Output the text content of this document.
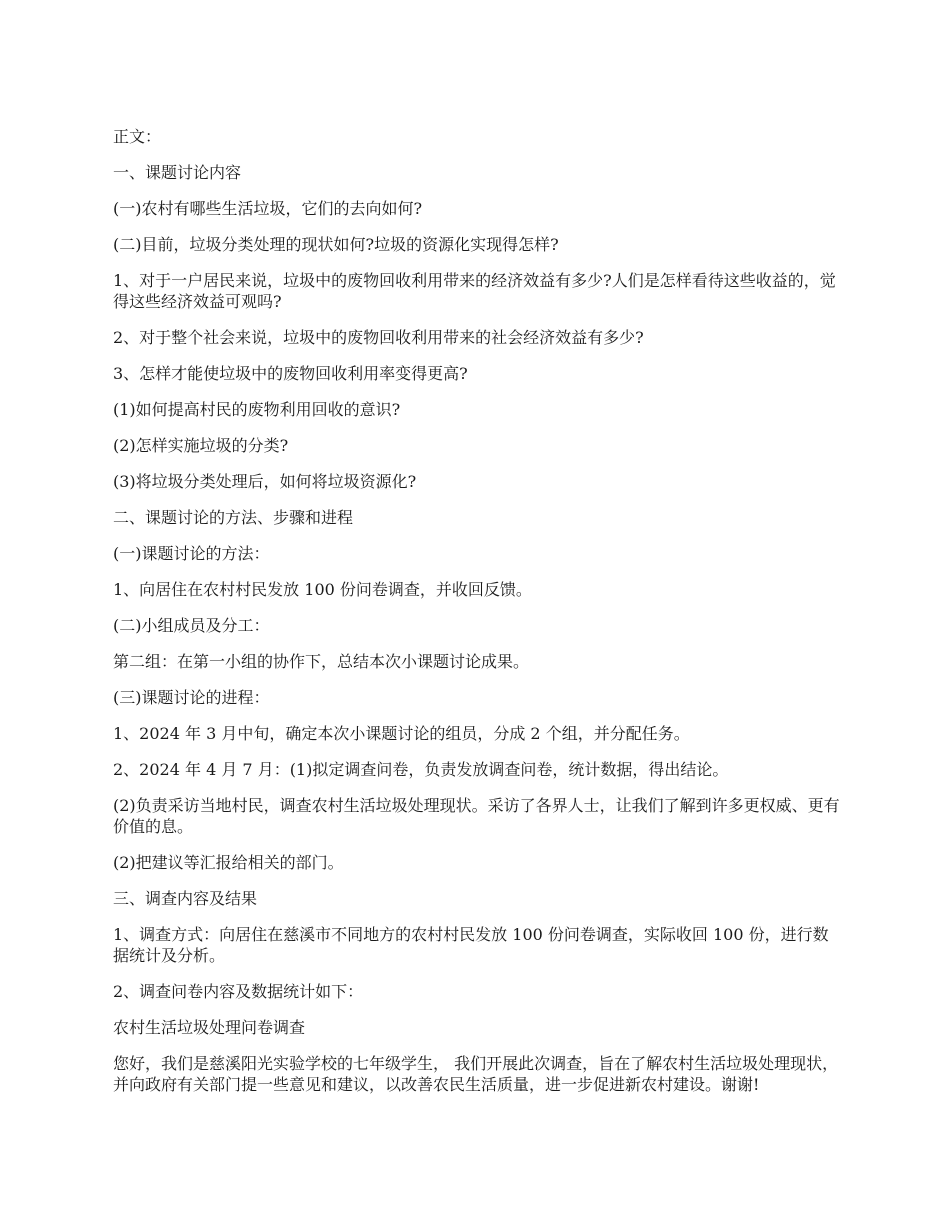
正文：

一、课题讨论内容

(一)农村有哪些生活垃圾，它们的去向如何?

(二)目前，垃圾分类处理的现状如何?垃圾的资源化实现得怎样?

1、对于一户居民来说，垃圾中的废物回收利用带来的经济效益有多少?人们是怎样看待这些收益的，觉得这些经济效益可观吗?

2、对于整个社会来说，垃圾中的废物回收利用带来的社会经济效益有多少?

3、怎样才能使垃圾中的废物回收利用率变得更高?

(1)如何提高村民的废物利用回收的意识?

(2)怎样实施垃圾的分类?

(3)将垃圾分类处理后，如何将垃圾资源化?

二、课题讨论的方法、步骤和进程

(一)课题讨论的方法：

1、向居住在农村村民发放 100 份问卷调查，并收回反馈。

(二)小组成员及分工：

第二组：在第一小组的协作下，总结本次小课题讨论成果。

(三)课题讨论的进程：

1、2024 年 3 月中旬，确定本次小课题讨论的组员，分成 2 个组，并分配任务。

2、2024 年 4 月 7 月：(1)拟定调查问卷，负责发放调查问卷，统计数据，得出结论。

(2)负责采访当地村民，调查农村生活垃圾处理现状。采访了各界人士，让我们了解到许多更权威、更有价值的息。

(2)把建议等汇报给相关的部门。

三、调查内容及结果

1、调查方式：向居住在慈溪市不同地方的农村村民发放 100 份问卷调查，实际收回 100 份，进行数据统计及分析。

2、调查问卷内容及数据统计如下：

农村生活垃圾处理问卷调查

您好，我们是慈溪阳光实验学校的七年级学生， 我们开展此次调查，旨在了解农村生活垃圾处理现状，并向政府有关部门提一些意见和建议，以改善农民生活质量，进一步促进新农村建设。谢谢!
